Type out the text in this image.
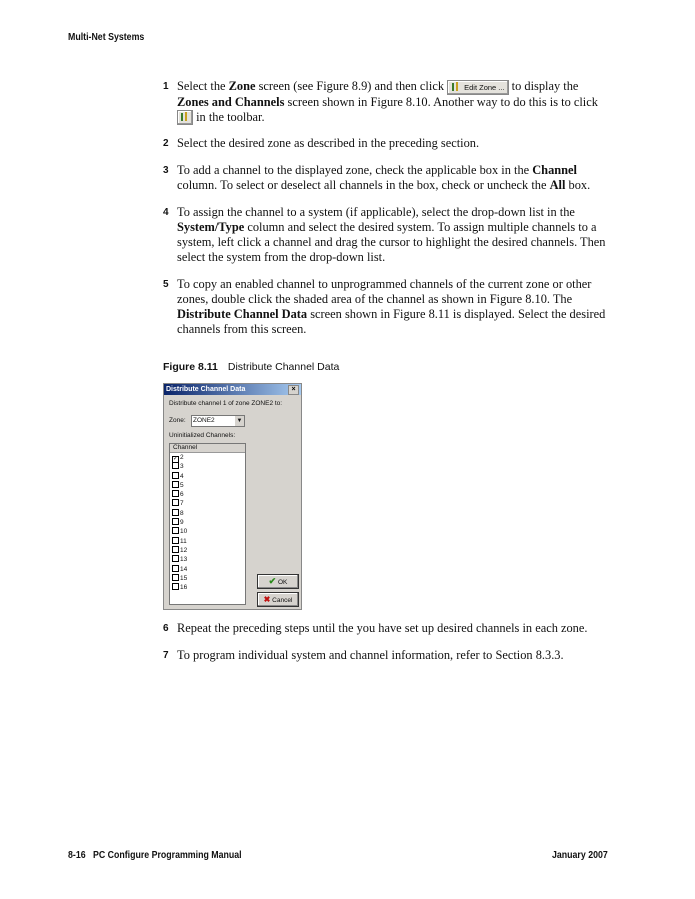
Multi-Net Systems
1 Select the Zone screen (see Figure 8.9) and then click Edit Zone ... to display the Zones and Channels screen shown in Figure 8.10. Another way to do this is to click  in the toolbar.
2 Select the desired zone as described in the preceding section.
3 To add a channel to the displayed zone, check the applicable box in the Channel column. To select or deselect all channels in the box, check or uncheck the All box.
4 To assign the channel to a system (if applicable), select the drop-down list in the System/Type column and select the desired system. To assign multiple channels to a system, left click a channel and drag the cursor to highlight the desired channels. Then select the system from the drop-down list.
5 To copy an enabled channel to unprogrammed channels of the current zone or other zones, double click the shaded area of the channel as shown in Figure 8.10. The Distribute Channel Data screen shown in Figure 8.11 is displayed. Select the desired channels from this screen.
6 Repeat the preceding steps until the you have set up desired channels in each zone.
7 To program individual system and channel information, refer to Section 8.3.3.
Figure 8.11 Distribute Channel Data
Distribute Channel Data	×
Distribute channel 1 of zone ZONE2 to:
Zone:	ZONE2	▼
Uninitialized Channels:
Channel
✓ 2
3
4
5
6
7
8
9
10
11
12
13
14
15
16
✔ OK
✖ Cancel
8-16   PC Configure Programming Manual	January 2007
